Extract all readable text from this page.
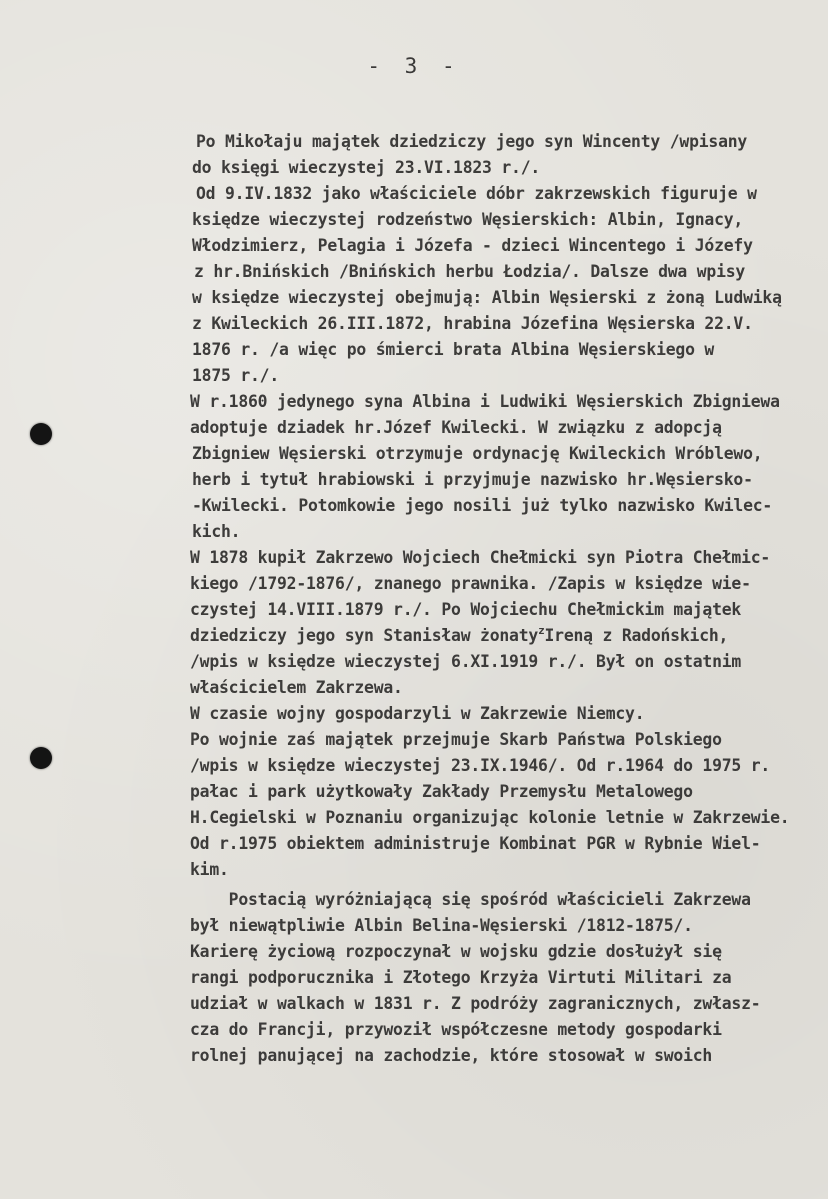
- 3 -
Po Mikołaju majątek dziedziczy jego syn Wincenty /wpisany
do księgi wieczystej 23.VI.1823 r./.
Od 9.IV.1832 jako właściciele dóbr zakrzewskich figuruje w
księdze wieczystej rodzeństwo Węsierskich: Albin, Ignacy,
Włodzimierz, Pelagia i Józefa - dzieci Wincentego i Józefy
z hr.Bnińskich /Bnińskich herbu Łodzia/. Dalsze dwa wpisy
w księdze wieczystej obejmują: Albin Węsierski z żoną Ludwiką
z Kwileckich 26.III.1872, hrabina Józefina Węsierska 22.V.
1876 r. /a więc po śmierci brata Albina Węsierskiego w
1875 r./.
W r.1860 jedynego syna Albina i Ludwiki Węsierskich Zbigniewa
adoptuje dziadek hr.Józef Kwilecki. W związku z adopcją
Zbigniew Węsierski otrzymuje ordynację Kwileckich Wróblewo,
herb i tytuł hrabiowski i przyjmuje nazwisko hr.Węsiersko-
-Kwilecki. Potomkowie jego nosili już tylko nazwisko Kwilec-
kich.
W 1878 kupił Zakrzewo Wojciech Chełmicki syn Piotra Chełmic-
kiego /1792-1876/, znanego prawnika. /Zapis w księdze wie-
czystej 14.VIII.1879 r./. Po Wojciechu Chełmickim majątek
dziedziczy jego syn Stanisław żonaty$^z$Ireną z Radońskich,
/wpis w księdze wieczystej 6.XI.1919 r./. Był on ostatnim
właścicielem Zakrzewa.
W czasie wojny gospodarzyli w Zakrzewie Niemcy.
Po wojnie zaś majątek przejmuje Skarb Państwa Polskiego
/wpis w księdze wieczystej 23.IX.1946/. Od r.1964 do 1975 r.
pałac i park użytkowały Zakłady Przemysłu Metalowego
H.Cegielski w Poznaniu organizując kolonie letnie w Zakrzewie.
Od r.1975 obiektem administruje Kombinat PGR w Rybnie Wiel-
kim.
Postacią wyróżniającą się spośród właścicieli Zakrzewa
był niewątpliwie Albin Belina-Węsierski /1812-1875/.
Karierę życiową rozpoczynał w wojsku gdzie dosłużył się
rangi podporucznika i Złotego Krzyża Virtuti Militari za
udział w walkach w 1831 r. Z podróży zagranicznych, zwłasz-
cza do Francji, przywoził współczesne metody gospodarki
rolnej panującej na zachodzie, które stosował w swoich
